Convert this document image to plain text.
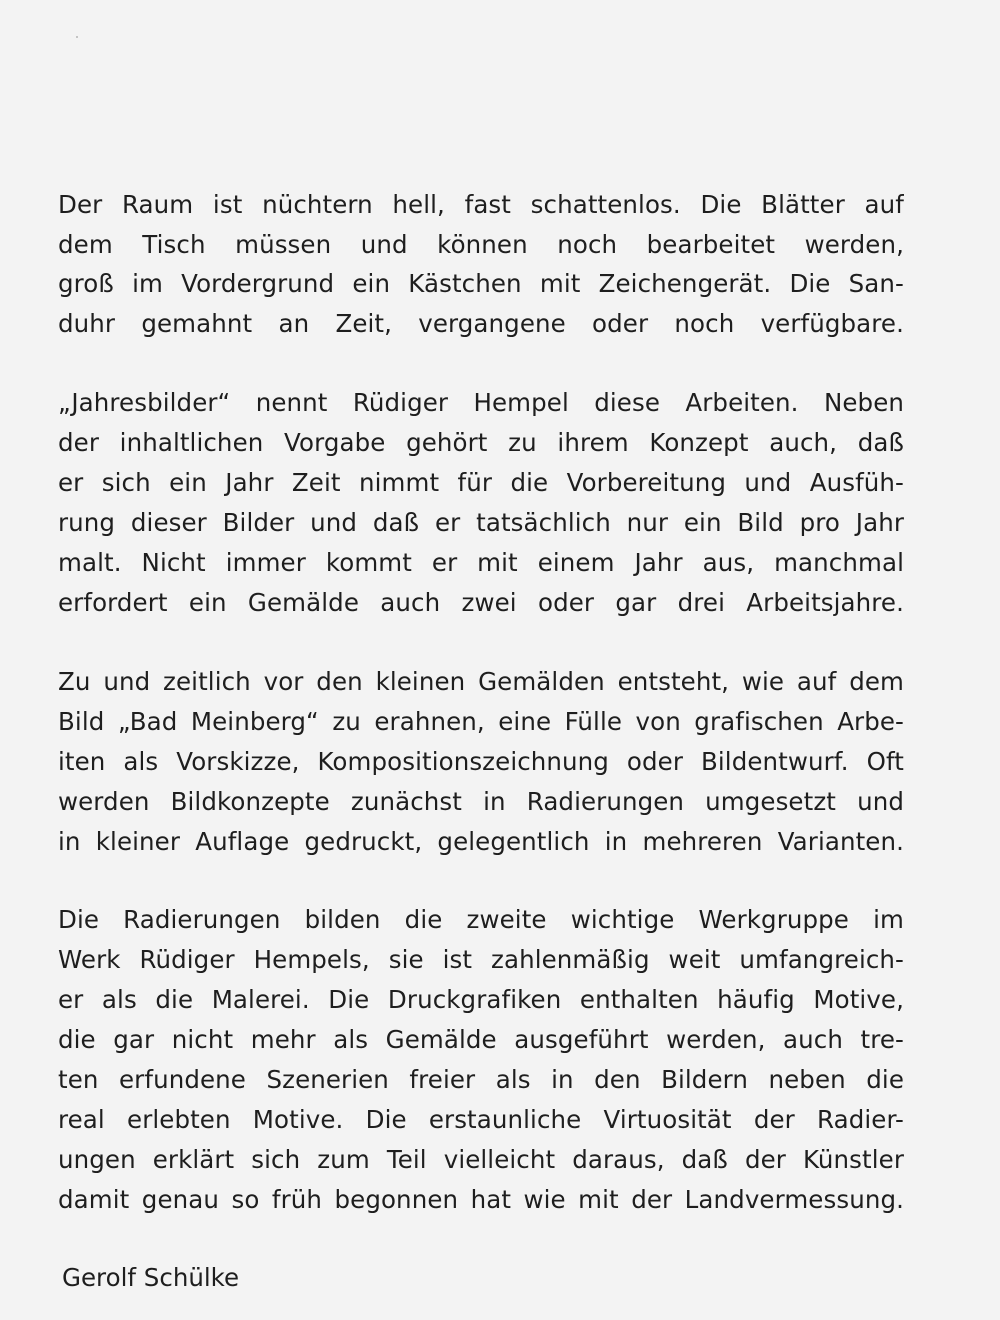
Der Raum ist nüchtern hell, fast schattenlos. Die Blätter auf
dem Tisch müssen und können noch bearbeitet werden,
groß im Vordergrund ein Kästchen mit Zeichengerät. Die San-
duhr gemahnt an Zeit, vergangene oder noch verfügbare.
„Jahresbilder“ nennt Rüdiger Hempel diese Arbeiten. Neben
der inhaltlichen Vorgabe gehört zu ihrem Konzept auch, daß
er sich ein Jahr Zeit nimmt für die Vorbereitung und Ausfüh-
rung dieser Bilder und daß er tatsächlich nur ein Bild pro Jahr
malt. Nicht immer kommt er mit einem Jahr aus, manchmal
erfordert ein Gemälde auch zwei oder gar drei Arbeitsjahre.
Zu und zeitlich vor den kleinen Gemälden entsteht, wie auf dem
Bild „Bad Meinberg“ zu erahnen, eine Fülle von grafischen Arbe-
iten als Vorskizze, Kompositionszeichnung oder Bildentwurf. Oft
werden Bildkonzepte zunächst in Radierungen umgesetzt und
in kleiner Auflage gedruckt, gelegentlich in mehreren Varianten.
Die Radierungen bilden die zweite wichtige Werkgruppe im
Werk Rüdiger Hempels, sie ist zahlenmäßig weit umfangreich-
er als die Malerei. Die Druckgrafiken enthalten häufig Motive,
die gar nicht mehr als Gemälde ausgeführt werden, auch tre-
ten erfundene Szenerien freier als in den Bildern neben die
real erlebten Motive. Die erstaunliche Virtuosität der Radier-
ungen erklärt sich zum Teil vielleicht daraus, daß der Künstler
damit genau so früh begonnen hat wie mit der Landvermessung.
Gerolf Schülke
